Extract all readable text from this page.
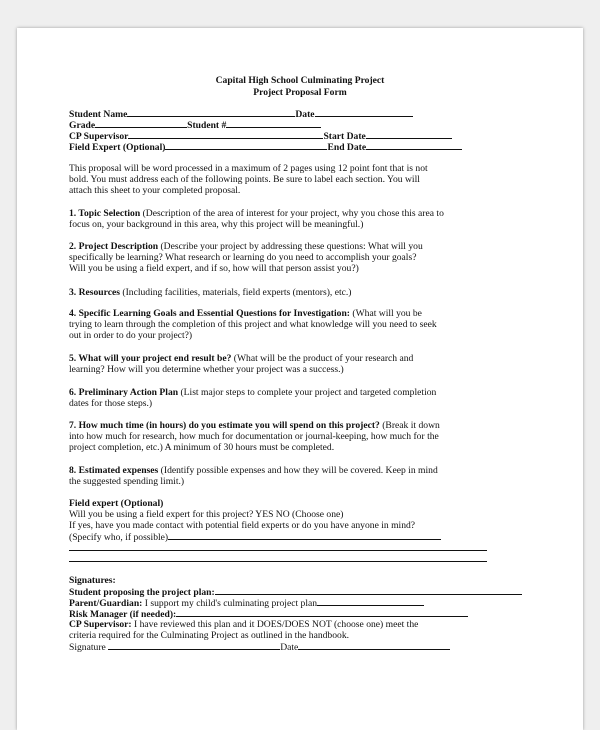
Capital High School Culminating Project
Project Proposal Form
Student Name	Date
Grade	Student #
CP Supervisor	Start Date
Field Expert (Optional)	End Date
This proposal will be word processed in a maximum of 2 pages using 12 point font that is not
bold. You must address each of the following points. Be sure to label each section. You will
attach this sheet to your completed proposal.
1. Topic Selection (Description of the area of interest for your project, why you chose this area to
focus on, your background in this area, why this project will be meaningful.)
2. Project Description (Describe your project by addressing these questions: What will you
specifically be learning? What research or learning do you need to accomplish your goals?
Will you be using a field expert, and if so, how will that person assist you?)
3. Resources (Including facilities, materials, field experts (mentors), etc.)
4. Specific Learning Goals and Essential Questions for Investigation: (What will you be
trying to learn through the completion of this project and what knowledge will you need to seek
out in order to do your project?)
5. What will your project end result be? (What will be the product of your research and
learning? How will you determine whether your project was a success.)
6. Preliminary Action Plan (List major steps to complete your project and targeted completion
dates for those steps.)
7. How much time (in hours) do you estimate you will spend on this project? (Break it down
into how much for research, how much for documentation or journal-keeping, how much for the
project completion, etc.) A minimum of 30 hours must be completed.
8. Estimated expenses (Identify possible expenses and how they will be covered. Keep in mind
the suggested spending limit.)
Field expert (Optional)
Will you be using a field expert for this project? YES NO (Choose one)
If yes, have you made contact with potential field experts or do you have anyone in mind?
(Specify who, if possible)
Signatures:
Student proposing the project plan:
Parent/Guardian: I support my child's culminating project plan
Risk Manager (if needed):
CP Supervisor: I have reviewed this plan and it DOES/DOES NOT (choose one) meet the
criteria required for the Culminating Project as outlined in the handbook.
Signature	Date
